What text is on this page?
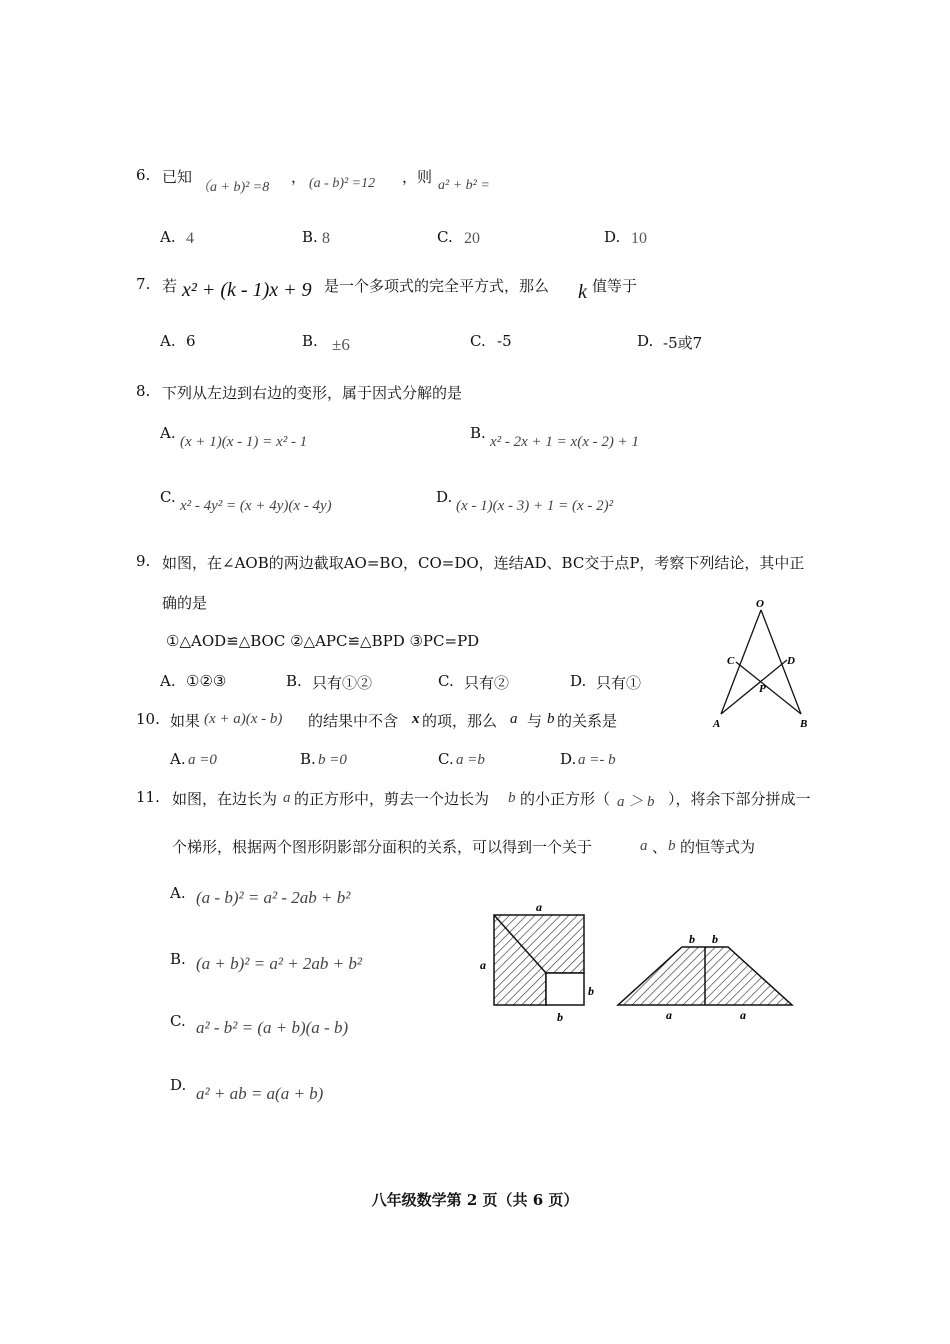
6. 已知
（a + b)² =8
， (a - b)² =12 ，则 a² + b² =
A. 4	B. 8	C. 20	D. 10
7. 若 x² + (k - 1)x + 9 是一个多项式的完全平方式，那么 k 值等于
A. 6	B. ±6	C. -5	D. -5或7
8. 下列从左边到右边的变形，属于因式分解的是
A. (x + 1)(x - 1) = x² - 1	B. x² - 2x + 1 = x(x - 2) + 1
C. x² - 4y² = (x + 4y)(x - 4y)	D. (x - 1)(x - 3) + 1 = (x - 2)²
9. 如图，在∠AOB的两边截取AO=BO，CO=DO，连结AD、BC交于点P，考察下列结论，其中正
确的是
①△AOD≌△BOC ②△APC≌△BPD ③PC=PD
A. ①②③	B. 只有①②	C. 只有②	D. 只有①
O
C	D
P
A	B
10. 如果 (x + a)(x - b) 的结果中不含 x 的项，那么 a 与 b 的关系是
A. a =0	B. b =0	C. a =b	D. a =- b
11. 如图，在边长为 a 的正方形中，剪去一个边长为 b 的小正方形（ a ＞ b ），将余下部分拼成一
个梯形，根据两个图形阴影部分面积的关系，可以得到一个关于	a 、 b 的恒等式为
A. (a - b)² = a² - 2ab + b²
B. (a + b)² = a² + 2ab + b²
C. a² - b² = (a + b)(a - b)
D. a² + ab = a(a + b)
a
a
b
b
b b
a	a
八年级数学第 2 页（共 6 页）
